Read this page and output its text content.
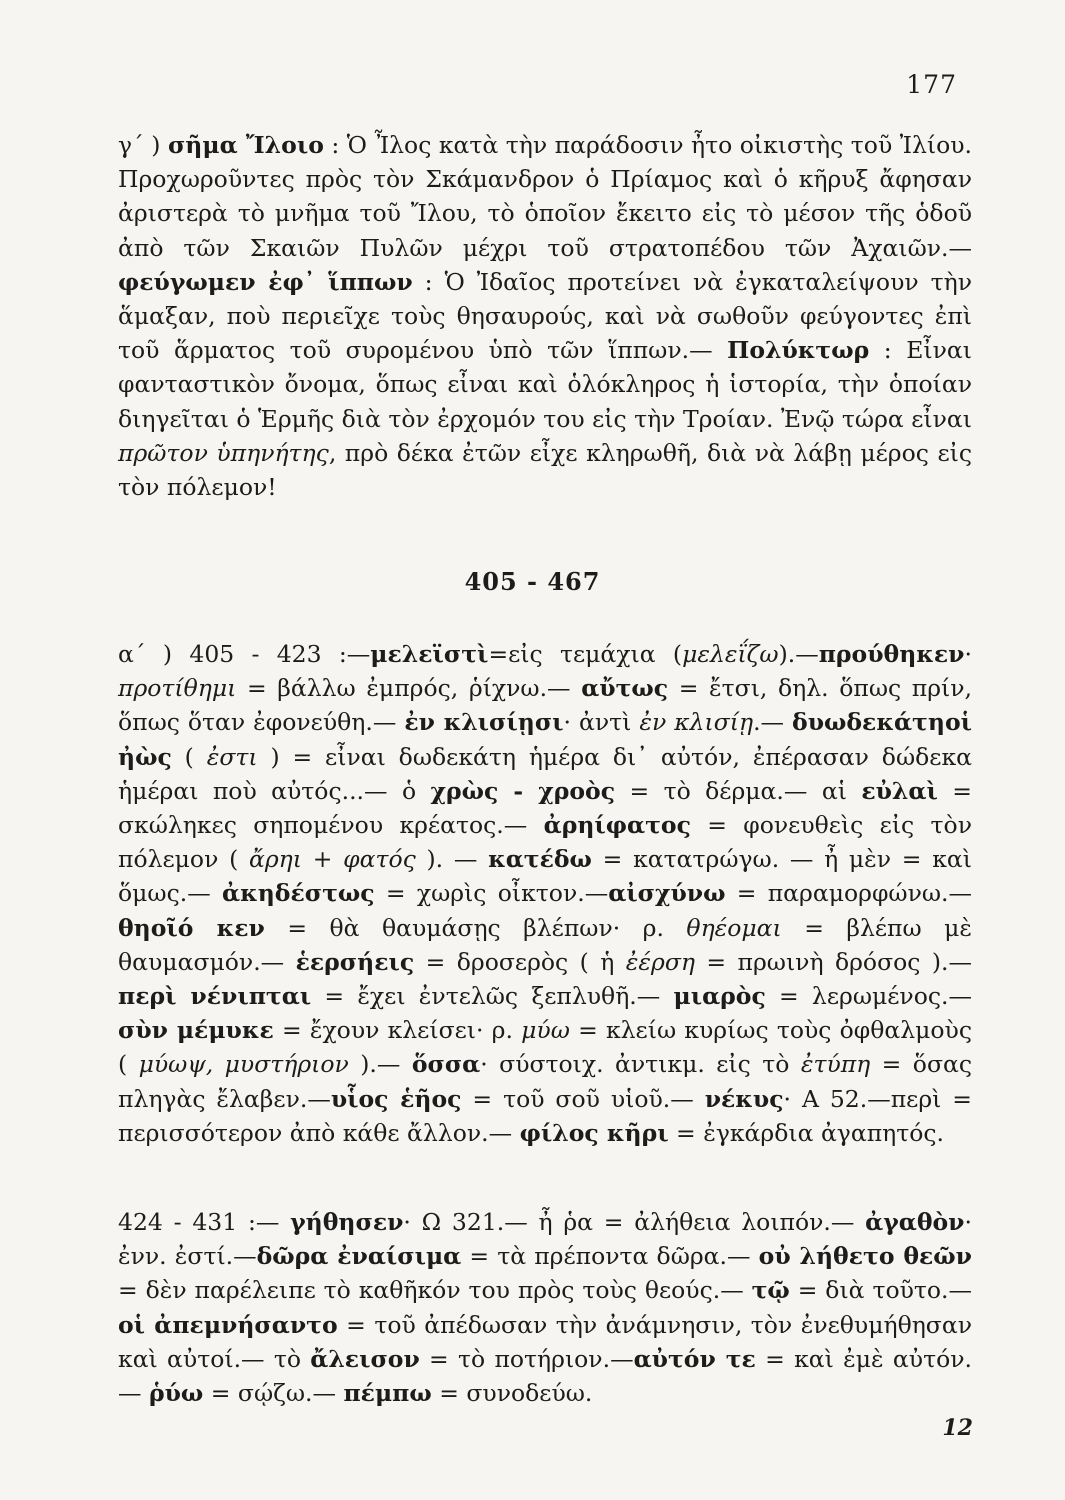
177

γ΄ ) σῆμα Ἴλοιο : Ὁ Ἶλος κατὰ τὴν παράδοσιν ἦτο οἰκιστὴς τοῦ Ἰλίου. Προχωροῦντες πρὸς τὸν Σκάμανδρον ὁ Πρίαμος καὶ ὁ κῆρυξ ἄφησαν ἀριστερὰ τὸ μνῆμα τοῦ Ἴλου, τὸ ὁποῖον ἔκειτο εἰς τὸ μέσον τῆς ὁδοῦ ἀπὸ τῶν Σκαιῶν Πυλῶν μέχρι τοῦ στρατοπέδου τῶν Ἀχαιῶν.— φεύγωμεν ἐφ᾽ ἵππων : Ὁ Ἰδαῖος προτείνει νὰ ἐγκαταλείψουν τὴν ἅμαξαν, ποὺ περιεῖχε τοὺς θησαυρούς, καὶ νὰ σωθοῦν φεύγοντες ἐπὶ τοῦ ἅρματος τοῦ συρομένου ὑπὸ τῶν ἵππων.— Πολύκτωρ : Εἶναι φανταστικὸν ὄνομα, ὅπως εἶναι καὶ ὁλόκληρος ἡ ἱστορία, τὴν ὁποίαν διηγεῖται ὁ Ἑρμῆς διὰ τὸν ἐρχομόν του εἰς τὴν Τροίαν. Ἐνῷ τώρα εἶναι πρῶτον ὑπηνήτης, πρὸ δέκα ἐτῶν εἶχε κληρωθῆ, διὰ νὰ λάβῃ μέρος εἰς τὸν πόλεμον!

405 - 467

α΄ ) 405 - 423 :—μελεϊστὶ=εἰς τεμάχια (μελεΐζω).—προύθηκεν· προτίθημι = βάλλω ἐμπρός, ῥίχνω.— αὔτως = ἔτσι, δηλ. ὅπως πρίν, ὅπως ὅταν ἐφονεύθη.— ἐν κλισίῃσι· ἀντὶ ἐν κλισίῃ.— δυωδεκάτηοἱ ἠὼς ( ἐστι ) = εἶναι δωδεκάτη ἡμέρα δι᾽ αὐτόν, ἐπέρασαν δώδεκα ἡμέραι ποὺ αὐτός...— ὁ χρὼς - χροὸς = τὸ δέρμα.— αἱ εὐλαὶ = σκώληκες σηπομένου κρέατος.— ἀρηίφατος = φονευθεὶς εἰς τὸν πόλεμον ( ἄρηι + φατός ). — κατέδω = κατατρώγω. — ἦ μὲν = καὶ ὅμως.— ἀκηδέστως = χωρὶς οἶκτον.—αἰσχύνω = παραμορφώνω.—θηοῖό κεν = θὰ θαυμάσῃς βλέπων· ρ. θηέομαι = βλέπω μὲ θαυμασμόν.— ἑερσήεις = δροσερὸς ( ἡ ἐέρση = πρωινὴ δρόσος ).—περὶ νένιπται = ἔχει ἐντελῶς ξεπλυθῆ.— μιαρὸς = λερωμένος.— σὺν μέμυκε = ἔχουν κλείσει· ρ. μύω = κλείω κυρίως τοὺς ὀφθαλμοὺς ( μύωψ, μυστήριον ).— ὅσσα· σύστοιχ. ἀντικμ. εἰς τὸ ἐτύπη = ὅσας πληγὰς ἔλαβεν.—υἷος ἑῆος = τοῦ σοῦ υἱοῦ.— νέκυς· Α 52.—περὶ = περισσότερον ἀπὸ κάθε ἄλλον.— φίλος κῆρι = ἐγκάρδια ἀγαπητός.

424 - 431 :— γήθησεν· Ω 321.— ἦ ῥα = ἀλήθεια λοιπόν.— ἀγαθὸν· ἐνν. ἐστί.—δῶρα ἐναίσιμα = τὰ πρέποντα δῶρα.— οὐ λήθετο θεῶν = δὲν παρέλειπε τὸ καθῆκόν του πρὸς τοὺς θεούς.— τῷ = διὰ τοῦτο.— οἱ ἀπεμνήσαντο = τοῦ ἀπέδωσαν τὴν ἀνάμνησιν, τὸν ἐνεθυμήθησαν καὶ αὐτοί.— τὸ ἄλεισον = τὸ ποτήριον.—αὐτόν τε = καὶ ἐμὲ αὐτόν.— ῥύω = σῴζω.— πέμπω = συνοδεύω.

12
